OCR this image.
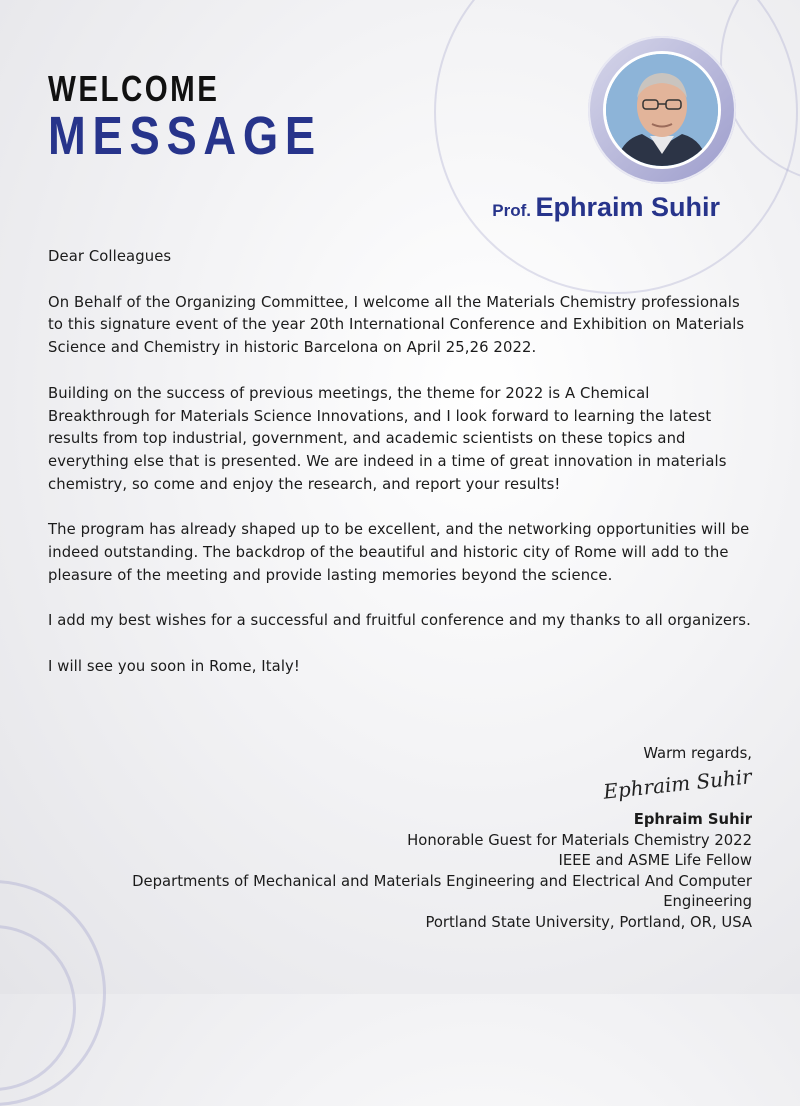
WELCOME
MESSAGE
Prof. Ephraim Suhir

Dear Colleagues

On Behalf of the Organizing Committee, I welcome all the Materials Chemistry professionals to this signature event of the year 20th International Conference and Exhibition on Materials Science and Chemistry in historic Barcelona on April 25,26 2022.

Building on the success of previous meetings, the theme for 2022 is A Chemical Breakthrough for Materials Science Innovations, and I look forward to learning the latest results from top industrial, government, and academic scientists on these topics and everything else that is presented. We are indeed in a time of great innovation in materials chemistry, so come and enjoy the research, and report your results!

The program has already shaped up to be excellent, and the networking opportunities will be indeed outstanding. The backdrop of the beautiful and historic city of Rome will add to the pleasure of the meeting and provide lasting memories beyond the science.

I add my best wishes for a successful and fruitful conference and my thanks to all organizers.

I will see you soon in Rome, Italy!

Warm regards,
Ephraim Suhir
Ephraim Suhir
Honorable Guest for Materials Chemistry 2022
IEEE and ASME Life Fellow
Departments of Mechanical and Materials Engineering and Electrical And Computer Engineering
Portland State University, Portland, OR, USA
